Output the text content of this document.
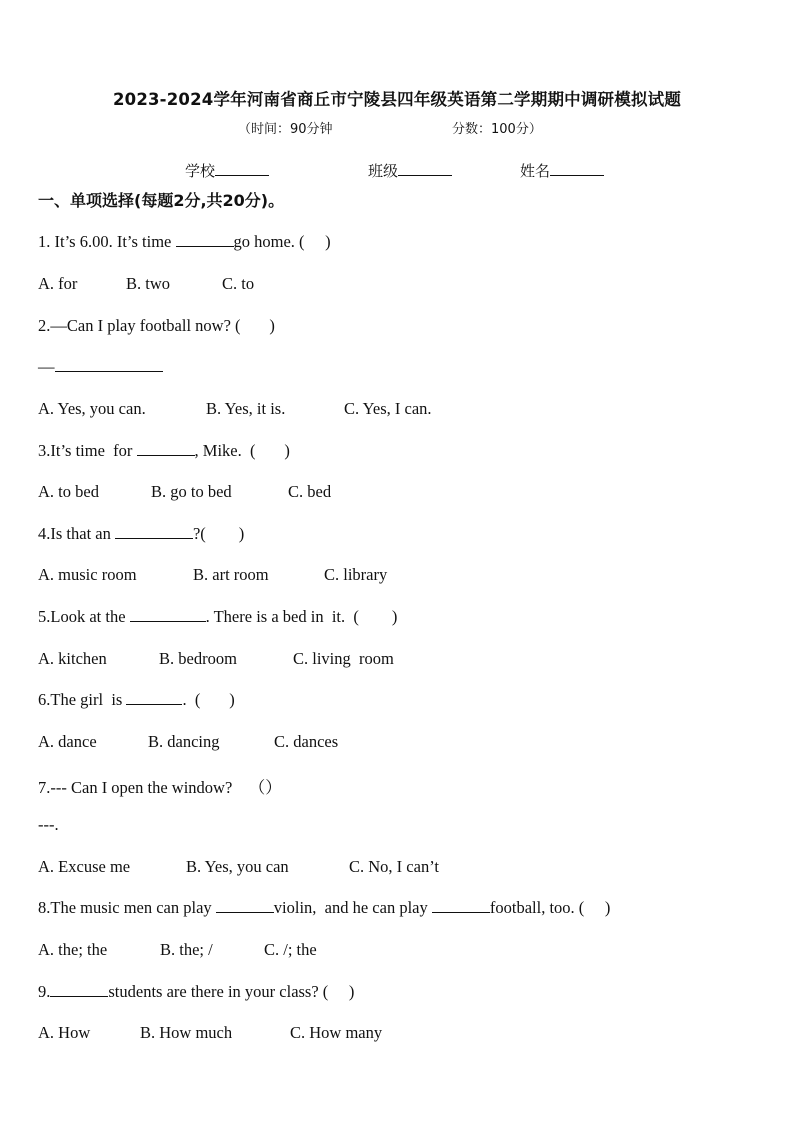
2023-2024学年河南省商丘市宁陵县四年级英语第二学期期中调研模拟试题
（时间：90分钟	分数：100分）
学校	班级	姓名
一、单项选择(每题2分,共20分)。
1. It’s 6.00. It’s time	go home. (     )
A. for	B. two	C. to
2.—Can I play football now? (       )
—
A. Yes, you can.	B. Yes, it is.	C. Yes, I can.
3.It’s time  for	, Mike.  (       )
A. to bed	B. go to bed	C. bed
4.Is that an	?(        )
A. music room	B. art room	C. library
5.Look at the	. There is a bed in  it.  (        )
A. kitchen	B. bedroom	C. living  room
6.The girl  is	.  (       )
A. dance	B. dancing	C. dances
7.--- Can I open the window?    （）
---.
A. Excuse me	B. Yes, you can	C. No, I can’t
8.The music men can play	violin,  and he can play	football, too. (     )
A. the; the	B. the; /	C. /; the
9.	students are there in your class? (     )
A. How	B. How much	C. How many
